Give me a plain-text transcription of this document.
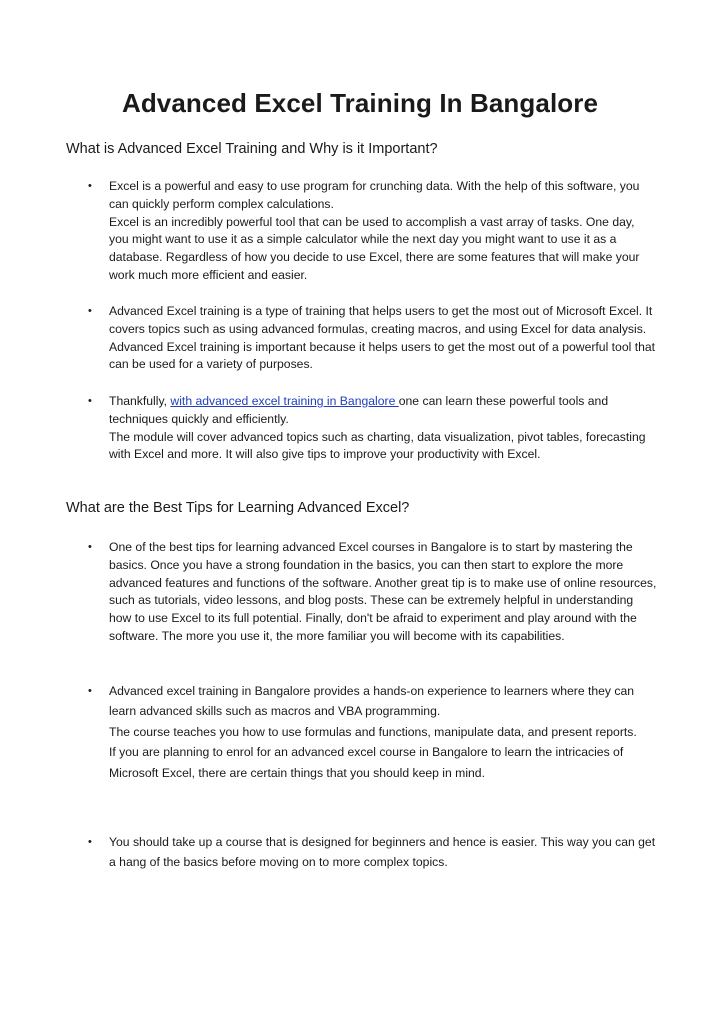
Advanced Excel Training In Bangalore
What is Advanced Excel Training and Why is it Important?
• Excel is a powerful and easy to use program for crunching data. With the help of this software, you can quickly perform complex calculations.
Excel is an incredibly powerful tool that can be used to accomplish a vast array of tasks. One day, you might want to use it as a simple calculator while the next day you might want to use it as a database. Regardless of how you decide to use Excel, there are some features that will make your work much more efficient and easier.
• Advanced Excel training is a type of training that helps users to get the most out of Microsoft Excel. It covers topics such as using advanced formulas, creating macros, and using Excel for data analysis. Advanced Excel training is important because it helps users to get the most out of a powerful tool that can be used for a variety of purposes.
• Thankfully, with advanced excel training in Bangalore one can learn these powerful tools and techniques quickly and efficiently.
The module will cover advanced topics such as charting, data visualization, pivot tables, forecasting with Excel and more. It will also give tips to improve your productivity with Excel.
What are the Best Tips for Learning Advanced Excel?
• One of the best tips for learning advanced Excel courses in Bangalore is to start by mastering the basics. Once you have a strong foundation in the basics, you can then start to explore the more advanced features and functions of the software. Another great tip is to make use of online resources, such as tutorials, video lessons, and blog posts. These can be extremely helpful in understanding how to use Excel to its full potential. Finally, don't be afraid to experiment and play around with the software. The more you use it, the more familiar you will become with its capabilities.
• Advanced excel training in Bangalore provides a hands-on experience to learners where they can learn advanced skills such as macros and VBA programming.
The course teaches you how to use formulas and functions, manipulate data, and present reports.
If you are planning to enrol for an advanced excel course in Bangalore to learn the intricacies of Microsoft Excel, there are certain things that you should keep in mind.
• You should take up a course that is designed for beginners and hence is easier. This way you can get a hang of the basics before moving on to more complex topics.
